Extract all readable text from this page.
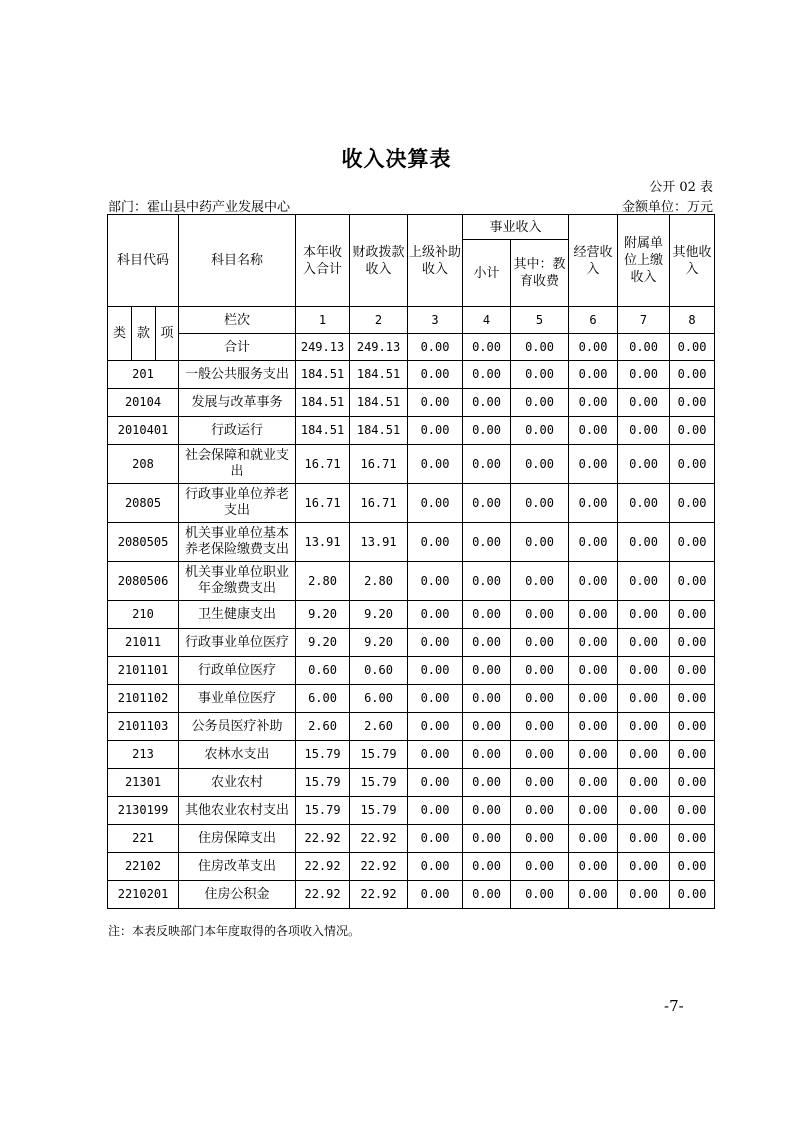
收入决算表
公开 02 表
部门：霍山县中药产业发展中心	金额单位：万元
科目代码			科目名称	本年收入合计	财政拨款收入	上级补助收入	事业收入		经营收入	附属单位上缴收入	其他收入
							小计	其中：教育收费			
类	款	项	栏次	1	2	3	4	5	6	7	8
			合计	249.13	249.13	0.00	0.00	0.00	0.00	0.00	0.00
201			一般公共服务支出	184.51	184.51	0.00	0.00	0.00	0.00	0.00	0.00
20104			发展与改革事务	184.51	184.51	0.00	0.00	0.00	0.00	0.00	0.00
2010401			行政运行	184.51	184.51	0.00	0.00	0.00	0.00	0.00	0.00
208			社会保障和就业支出	16.71	16.71	0.00	0.00	0.00	0.00	0.00	0.00
20805			行政事业单位养老支出	16.71	16.71	0.00	0.00	0.00	0.00	0.00	0.00
2080505			机关事业单位基本养老保险缴费支出	13.91	13.91	0.00	0.00	0.00	0.00	0.00	0.00
2080506			机关事业单位职业年金缴费支出	2.80	2.80	0.00	0.00	0.00	0.00	0.00	0.00
210			卫生健康支出	9.20	9.20	0.00	0.00	0.00	0.00	0.00	0.00
21011			行政事业单位医疗	9.20	9.20	0.00	0.00	0.00	0.00	0.00	0.00
2101101			行政单位医疗	0.60	0.60	0.00	0.00	0.00	0.00	0.00	0.00
2101102			事业单位医疗	6.00	6.00	0.00	0.00	0.00	0.00	0.00	0.00
2101103			公务员医疗补助	2.60	2.60	0.00	0.00	0.00	0.00	0.00	0.00
213			农林水支出	15.79	15.79	0.00	0.00	0.00	0.00	0.00	0.00
21301			农业农村	15.79	15.79	0.00	0.00	0.00	0.00	0.00	0.00
2130199			其他农业农村支出	15.79	15.79	0.00	0.00	0.00	0.00	0.00	0.00
221			住房保障支出	22.92	22.92	0.00	0.00	0.00	0.00	0.00	0.00
22102			住房改革支出	22.92	22.92	0.00	0.00	0.00	0.00	0.00	0.00
2210201			住房公积金	22.92	22.92	0.00	0.00	0.00	0.00	0.00	0.00
注：本表反映部门本年度取得的各项收入情况。
-7-
